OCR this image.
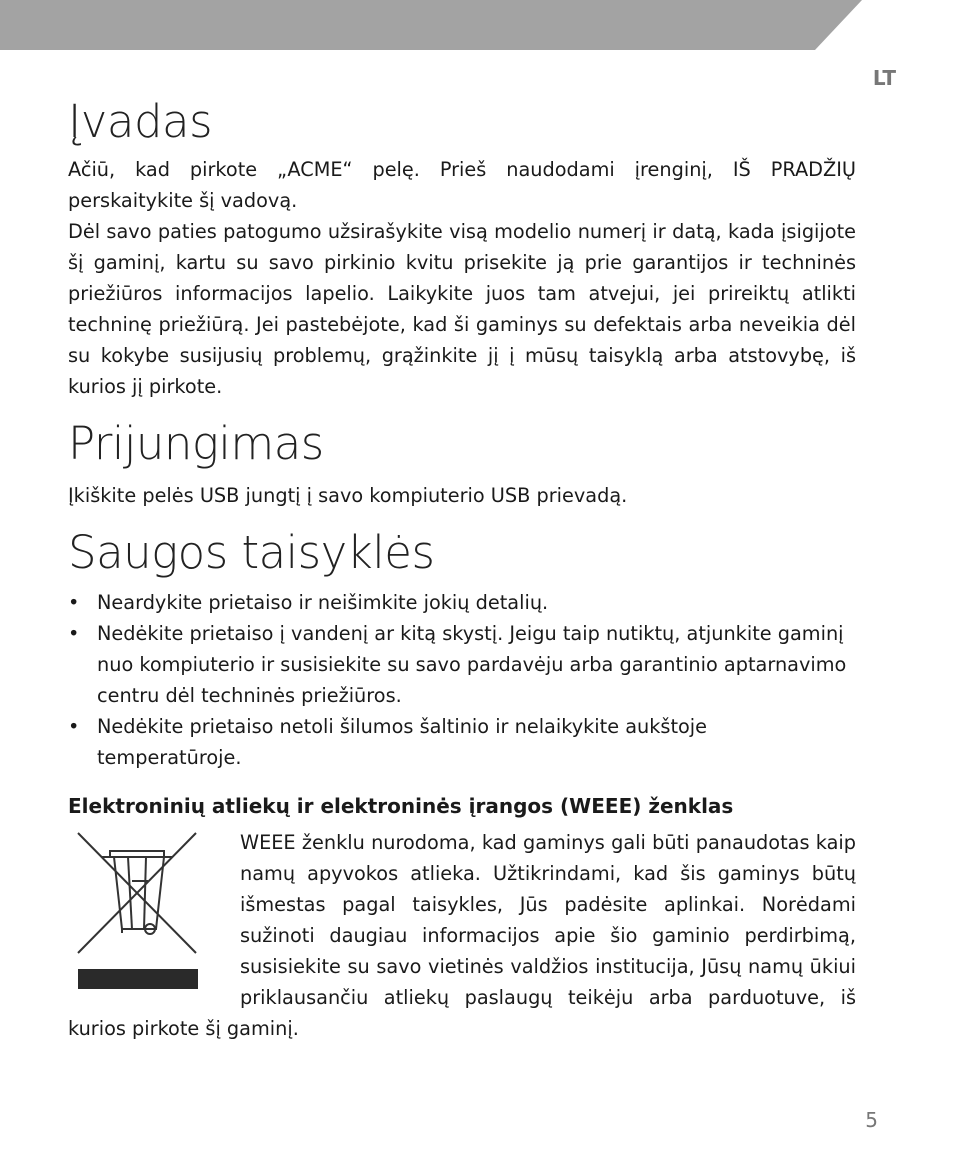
LT
Įvadas

Ačiū, kad pirkote „ACME“ pelę. Prieš naudodami įrenginį, IŠ PRADŽIŲ perskaitykite šį vadovą.

Dėl savo paties patogumo užsirašykite visą modelio numerį ir datą, kada įsigijote šį gaminį, kartu su savo pirkinio kvitu prisekite ją prie garantijos ir techninės priežiūros informacijos lapelio. Laikykite juos tam atvejui, jei prireiktų atlikti techninę priežiūrą. Jei pastebėjote, kad ši gaminys su defektais arba neveikia dėl su kokybe susijusių problemų, grąžinkite jį į mūsų taisyklą arba atstovybę, iš kurios jį pirkote.

Prijungimas

Įkiškite pelės USB jungtį į savo kompiuterio USB prievadą.

Saugos taisyklės
• Neardykite prietaiso ir neišimkite jokių detalių.
• Nedėkite prietaiso į vandenį ar kitą skystį. Jeigu taip nutiktų, atjunkite gaminį nuo kompiuterio ir susisiekite su savo pardavėju arba garantinio aptarnavimo centru dėl techninės priežiūros.
• Nedėkite prietaiso netoli šilumos šaltinio ir nelaikykite aukštoje temperatūroje.
Elektroninių atliekų ir elektroninės įrangos (WEEE) ženklas

WEEE ženklu nurodoma, kad gaminys gali būti panaudotas kaip namų apyvokos atlieka. Užtikrindami, kad šis gaminys būtų išmestas pagal taisykles, Jūs padėsite aplinkai. Norėdami sužinoti daugiau informacijos apie šio gaminio perdirbimą, susisiekite su savo vietinės valdžios institucija, Jūsų namų ūkiui priklausančiu atliekų paslaugų teikėju arba parduotuve, iš kurios pirkote šį gaminį.

5
